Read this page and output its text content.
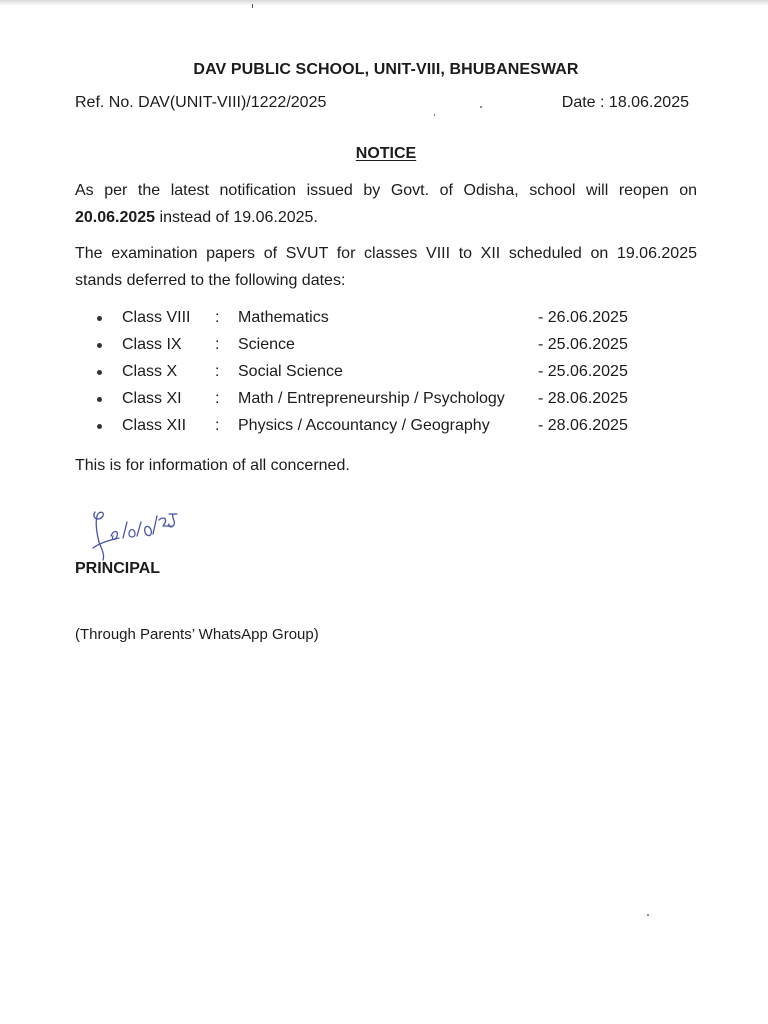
DAV PUBLIC SCHOOL, UNIT-VIII, BHUBANESWAR
Ref. No. DAV(UNIT-VIII)/1222/2025	Date : 18.06.2025
NOTICE
As per the latest notification issued by Govt. of Odisha, school will reopen on 20.06.2025 instead of 19.06.2025.
The examination papers of SVUT for classes VIII to XII scheduled on 19.06.2025 stands deferred to the following dates:
Class VIII : Mathematics	- 26.06.2025
Class IX : Science	- 25.06.2025
Class X : Social Science	- 25.06.2025
Class XI : Math / Entrepreneurship / Psychology - 28.06.2025
Class XII : Physics / Accountancy / Geography	- 28.06.2025
This is for information of all concerned.
PRINCIPAL
(Through Parents’ WhatsApp Group)
